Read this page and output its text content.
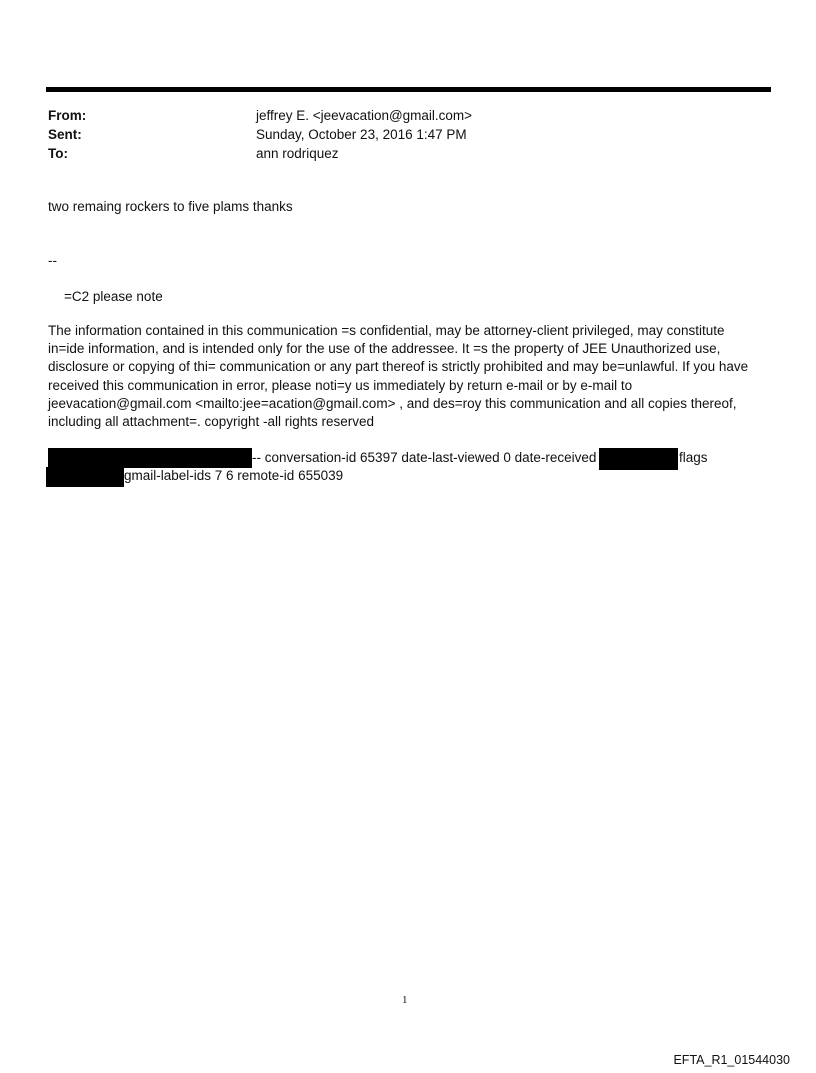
From:	jeffrey E. <jeevacation@gmail.com>
Sent:	Sunday, October 23, 2016 1:47 PM
To:	ann rodriquez
two remaing rockers to five plams thanks
--
=C2 please note
The information contained in this communication =s confidential, may be attorney-client privileged, may constitute
in=ide information, and is intended only for the use of the addressee. It =s the property of JEE Unauthorized use,
disclosure or copying of thi= communication or any part thereof is strictly prohibited and may be=unlawful. If you have
received this communication in error, please noti=y us immediately by return e-mail or by e-mail to
jeevacation@gmail.com <mailto:jee=acation@gmail.com> , and des=roy this communication and all copies thereof,
including all attachment=. copyright -all rights reserved
-- conversation-id 65397 date-last-viewed 0 date-received	flags
gmail-label-ids 7 6 remote-id 655039
1
EFTA_R1_01544030
